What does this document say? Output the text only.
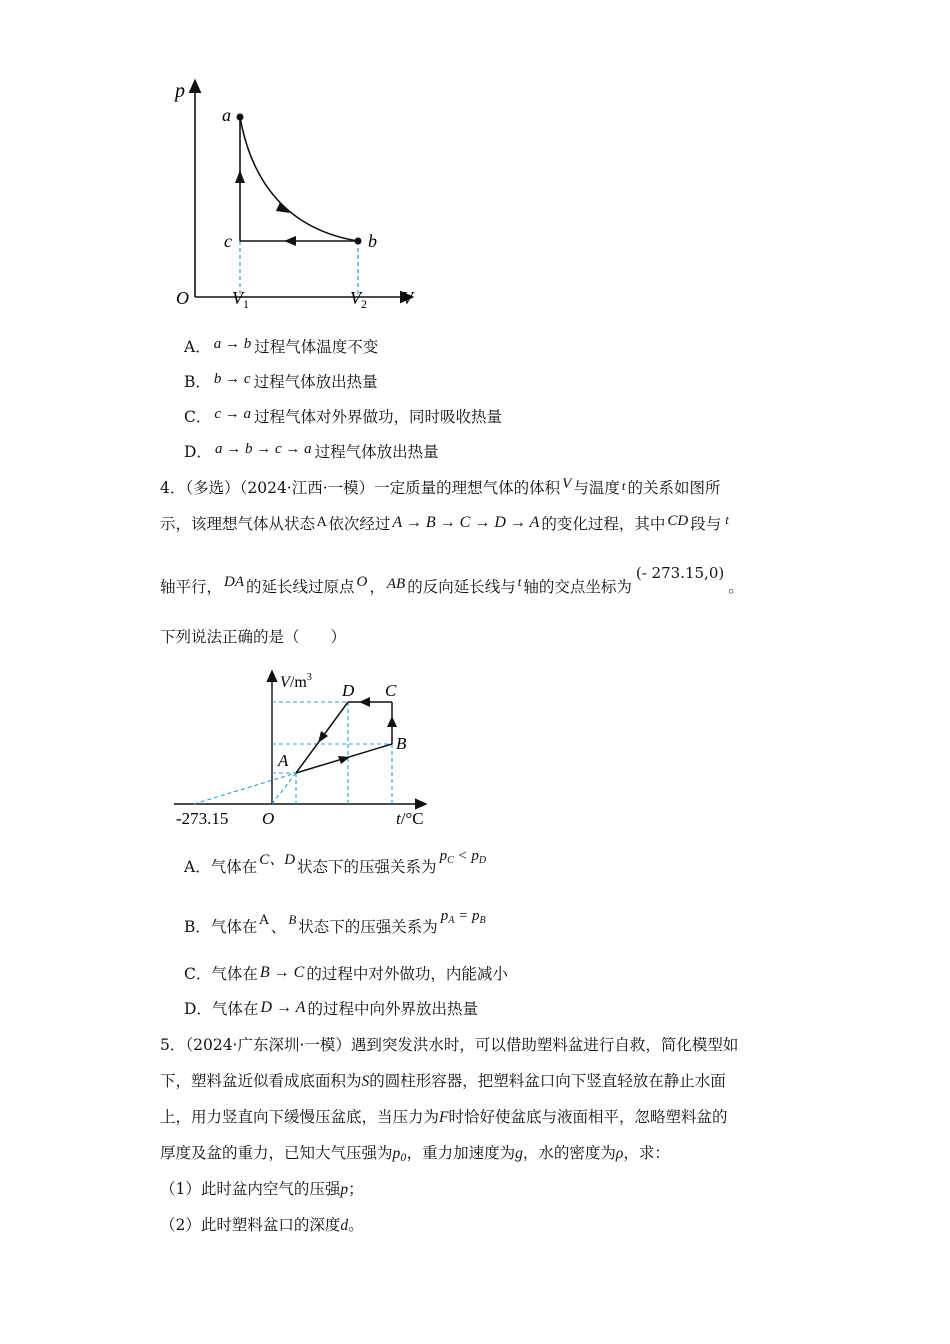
p
a
c	b
O $V_1$	$V_2$ V
A． a → b 过程气体温度不变
B． b → c 过程气体放出热量
C． c → a 过程气体对外界做功，同时吸收热量
D． a → b → c → a 过程气体放出热量
4．（多选）（2024·江西·一模）一定质量的理想气体的体积 V 与温度 t 的关系如图所
示，该理想气体从状态 A 依次经过 A → B → C → D → A 的变化过程，其中 CD 段与 $^t$
轴平行， DA 的延长线过原点 O ， AB 的反向延长线与 $^t$ 轴的交点坐标为(- 273.15,0)。
下列说法正确的是（　　）
$V/m^3$
D C
B
A
-273.15 O	t/°C
A．气体在 C、D 状态下的压强关系为$p_C < p_D$
B．气体在 $^A$ 、 $^B$ 状态下的压强关系为$p_A = p_B$
C．气体在 B → C 的过程中对外做功，内能减小
D．气体在 D → A 的过程中向外界放出热量
5．（2024·广东深圳·一模）遇到突发洪水时，可以借助塑料盆进行自救，简化模型如
下，塑料盆近似看成底面积为S的圆柱形容器，把塑料盆口向下竖直轻放在静止水面
上，用力竖直向下缓慢压盆底，当压力为F时恰好使盆底与液面相平，忽略塑料盆的
厚度及盆的重力，已知大气压强为$p_0$，重力加速度为g，水的密度为ρ，求：
（1）此时盆内空气的压强p；
（2）此时塑料盆口的深度d。
